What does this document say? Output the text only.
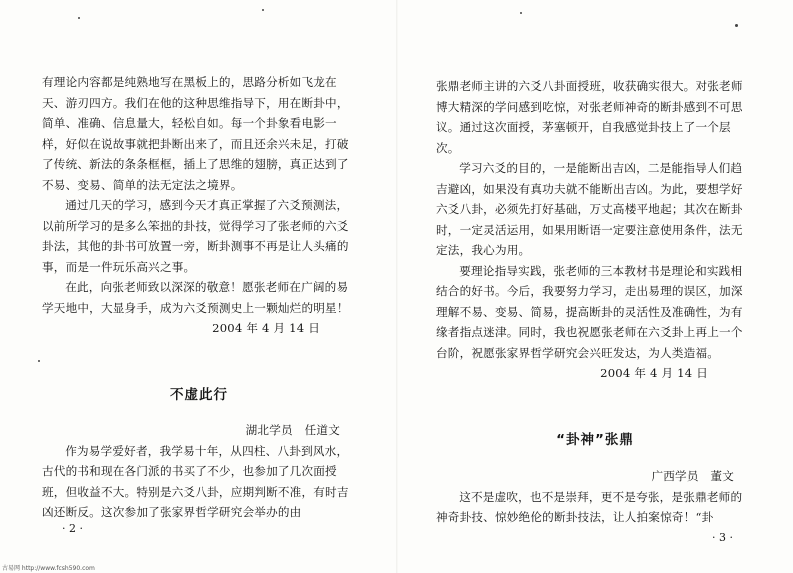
有理论内容都是纯熟地写在黑板上的，思路分析如飞龙在天、游刃四方。我们在他的这种思维指导下，用在断卦中，简单、准确、信息量大，轻松自如。每一个卦象看电影一样，好似在说故事就把卦断出来了，而且还余兴未足，打破了传统、新法的条条框框，插上了思维的翅膀，真正达到了不易、变易、简单的法无定法之境界。

通过几天的学习，感到今天才真正掌握了六爻预测法，以前所学习的是多么笨拙的卦技，觉得学习了张老师的六爻卦法，其他的卦书可放置一旁，断卦测事不再是让人头痛的事，而是一件玩乐高兴之事。

在此，向张老师致以深深的敬意！愿张老师在广阔的易学天地中，大显身手，成为六爻预测史上一颗灿烂的明星！

2004 年 4 月 14 日

不虚此行

湖北学员　任道文

作为易学爱好者，我学易十年，从四柱、八卦到风水，古代的书和现在各门派的书买了不少，也参加了几次面授班，但收益不大。特别是六爻八卦，应期判断不准，有时吉凶还断反。这次参加了张家界哲学研究会举办的由

· 2 ·

张鼎老师主讲的六爻八卦面授班，收获确实很大。对张老师博大精深的学问感到吃惊，对张老师神奇的断卦感到不可思议。通过这次面授，茅塞顿开，自我感觉卦技上了一个层次。

学习六爻的目的，一是能断出吉凶，二是能指导人们趋吉避凶，如果没有真功夫就不能断出吉凶。为此，要想学好六爻八卦，必须先打好基础，万丈高楼平地起；其次在断卦时，一定灵活运用，如果用断语一定要注意使用条件，法无定法，我心为用。

要理论指导实践，张老师的三本教材书是理论和实践相结合的好书。今后，我要努力学习，走出易理的误区，加深理解不易、变易、简易，提高断卦的灵活性及准确性，为有缘者指点迷津。同时，我也祝愿张老师在六爻卦上再上一个台阶，祝愿张家界哲学研究会兴旺发达，为人类造福。

2004 年 4 月 14 日

“卦神”张鼎

广西学员　董文

这不是虚吹，也不是崇拜，更不是夸张，是张鼎老师的神奇卦技、惊妙绝伦的断卦技法，让人拍案惊奇！“卦

· 3 ·
古易网 http://www.fcsh590.com
